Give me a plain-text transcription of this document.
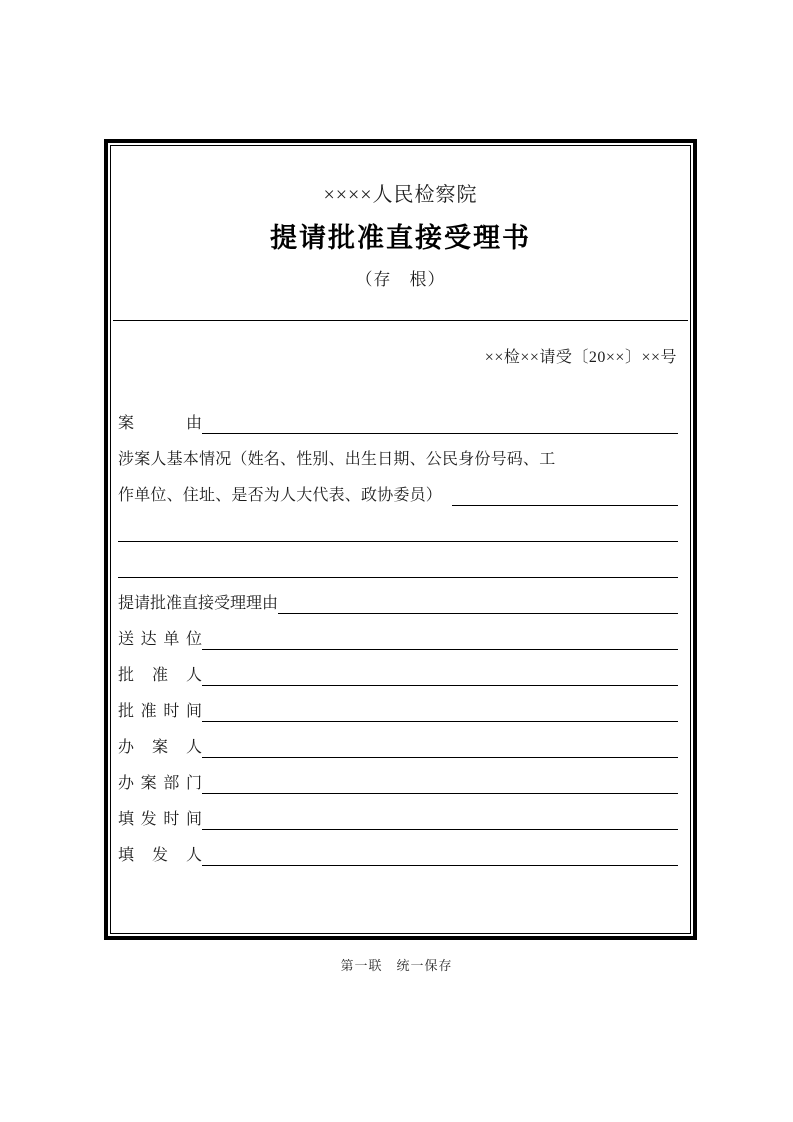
××××人民检察院
提请批准直接受理书
（存　根）
××检××请受〔20××〕××号
案	由
涉案人基本情况（姓名、性别、出生日期、公民身份号码、工
作单位、住址、是否为人大代表、政协委员）
提请批准直接受理理由
送 达 单 位
批 准 人
批 准 时 间
办 案 人
办 案 部 门
填 发 时 间
填 发 人
第一联　统一保存
